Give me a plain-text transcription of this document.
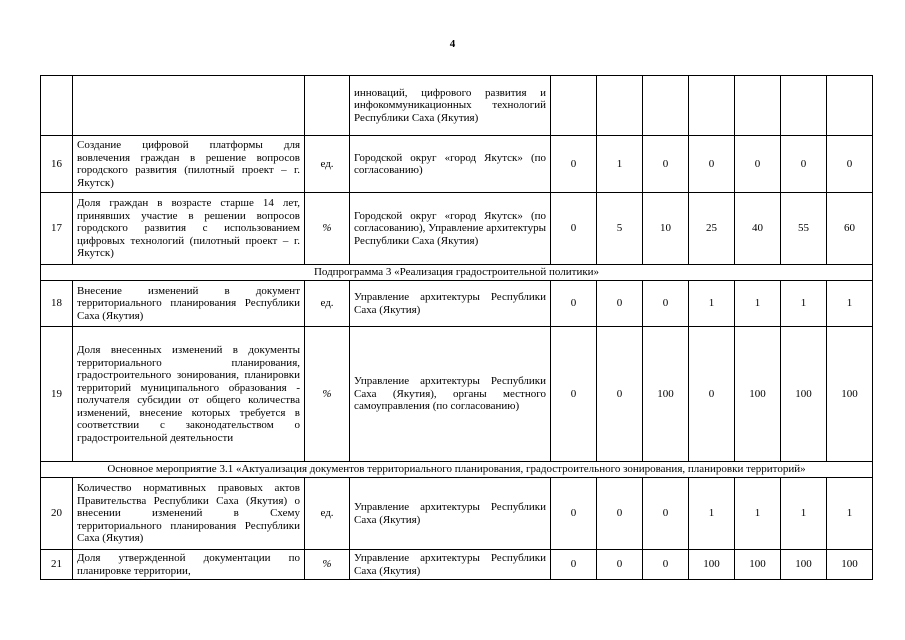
4
			инноваций, цифрового развития и инфокоммуникационных технологий Республики Саха (Якутия)							
16	Создание цифровой платформы для вовлечения граждан в решение вопросов городского развития (пилотный проект – г. Якутск)	ед.	Городской округ «город Якутск» (по согласованию)	0	1	0	0	0	0	0
17	Доля граждан в возрасте старше 14 лет, принявших участие в решении вопросов городского развития с использованием цифровых технологий (пилотный проект – г. Якутск)	%	Городской округ «город Якутск» (по согласованию), Управление архитектуры Республики Саха (Якутия)	0	5	10	25	40	55	60
Подпрограмма 3 «Реализация градостроительной политики»										
18	Внесение изменений в документ территориального планирования Республики Саха (Якутия)	ед.	Управление архитектуры Республики Саха (Якутия)	0	0	0	1	1	1	1
19	Доля внесенных изменений в документы территориального планирования, градостроительного зонирования, планировки территорий муниципального образования - получателя субсидии от общего количества изменений, внесение которых требуется в соответствии с законодательством о градостроительной деятельности	%	Управление архитектуры Республики Саха (Якутия), органы местного самоуправления (по согласованию)	0	0	100	0	100	100	100
Основное мероприятие 3.1 «Актуализация документов территориального планирования, градостроительного зонирования, планировки территорий»										
20	Количество нормативных правовых актов Правительства Республики Саха (Якутия) о внесении изменений в Схему территориального планирования Республики Саха (Якутия)	ед.	Управление архитектуры Республики Саха (Якутия)	0	0	0	1	1	1	1
21	Доля утвержденной документации по планировке территории,	%	Управление архитектуры Республики Саха (Якутия)	0	0	0	100	100	100	100
